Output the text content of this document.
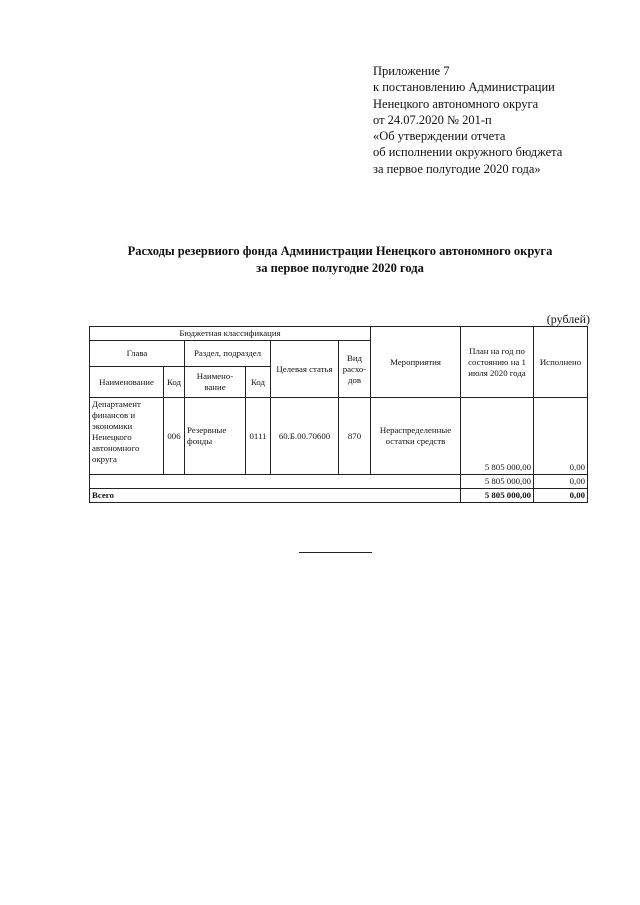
Приложение 7
к постановлению Администрации
Ненецкого автономного округа
от 24.07.2020 № 201-п
«Об утверждении отчета
об исполнении окружного бюджета
за первое полугодие 2020 года»
Расходы резервиого фонда Администрации Ненецкого автономного округа
за первое полугодие 2020 года
(рублей)
Бюджетная классификация						Мероприятия	План на год по состоянию на 1 июля 2020 года	Исполнено
Глава		Раздел, подраздел		Целевая статья	Вид расхо-дов			
Наименование	Код	Наимено-вание	Код					
Департамент финансов и экономики Ненецкого автономного округа	006	Резервные фонды	0111	60.Б.00.70600	870	Нераспределенные остатки средств	5 805 000,00	0,00
							5 805 000,00	0,00
Всего							5 805 000,00	0,00
